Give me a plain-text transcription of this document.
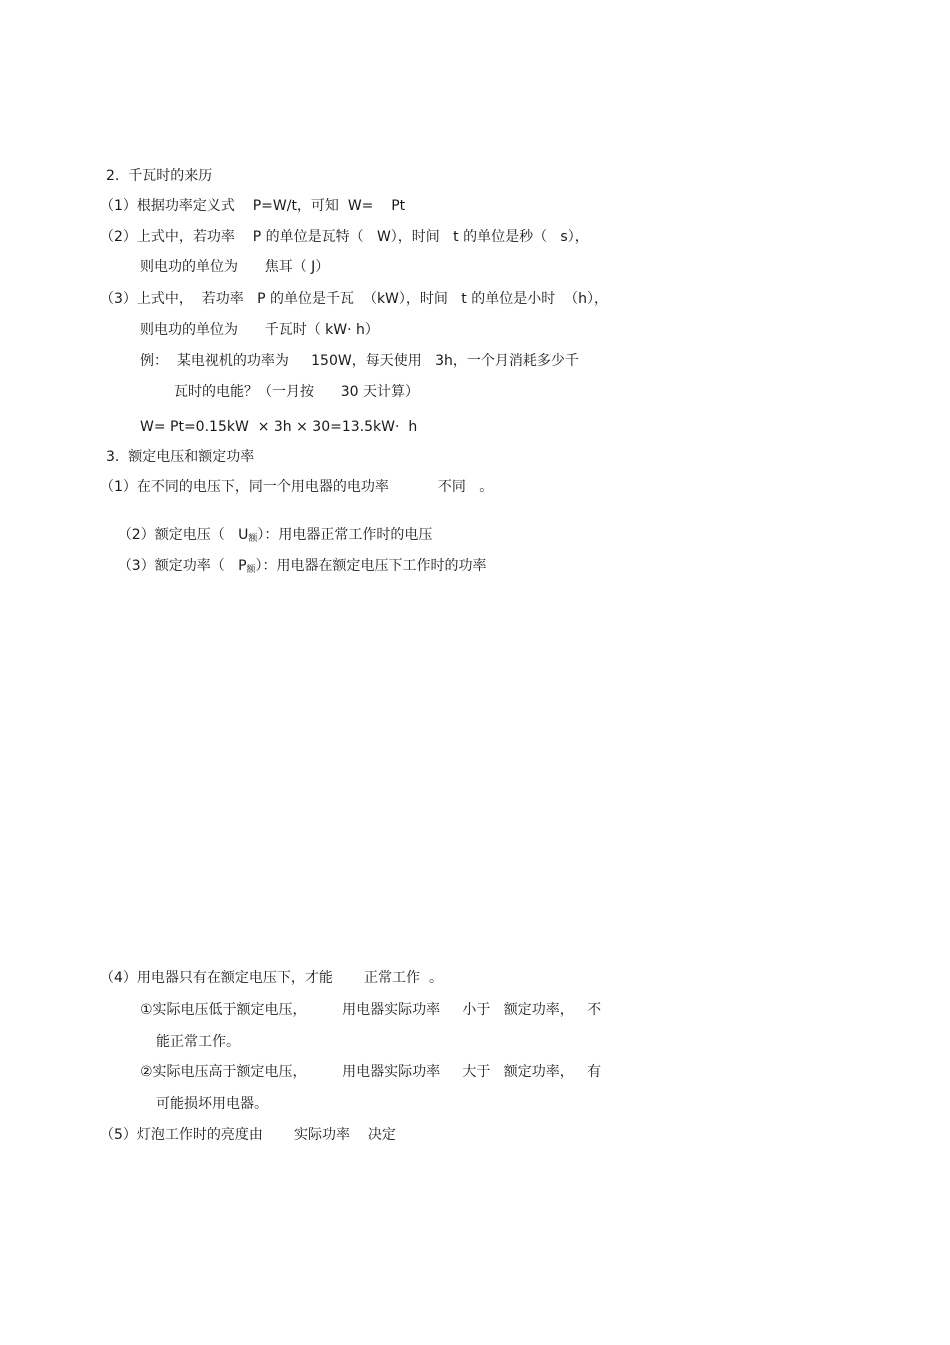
2.  千瓦时的来历
（1）根据功率定义式    P=W/t，可知  W=    Pt
（2）上式中，若功率    P 的单位是瓦特（   W），时间   t 的单位是秒（   s），
则电功的单位为      焦耳（ J）
（3）上式中，  若功率   P 的单位是千瓦  （kW），时间   t 的单位是小时  （h），
则电功的单位为      千瓦时（ kW· h）
例：  某电视机的功率为     150W，每天使用   3h，一个月消耗多少千
瓦时的电能？（一月按      30 天计算）
W= Pt=0.15kW  × 3h × 30=13.5kW·  h
3.  额定电压和额定功率
（1）在不同的电压下，同一个用电器的电功率           不同   。

（2）额定电压（   $U_额$）：用电器正常工作时的电压

（3）额定功率（   $P_额$）：用电器在额定电压下工作时的功率

（4）用电器只有在额定电压下，才能       正常工作  。
①实际电压低于额定电压，        用电器实际功率     小于   额定功率，   不
能正常工作。
②实际电压高于额定电压，        用电器实际功率     大于   额定功率，   有
可能损坏用电器。
（5）灯泡工作时的亮度由       实际功率    决定
